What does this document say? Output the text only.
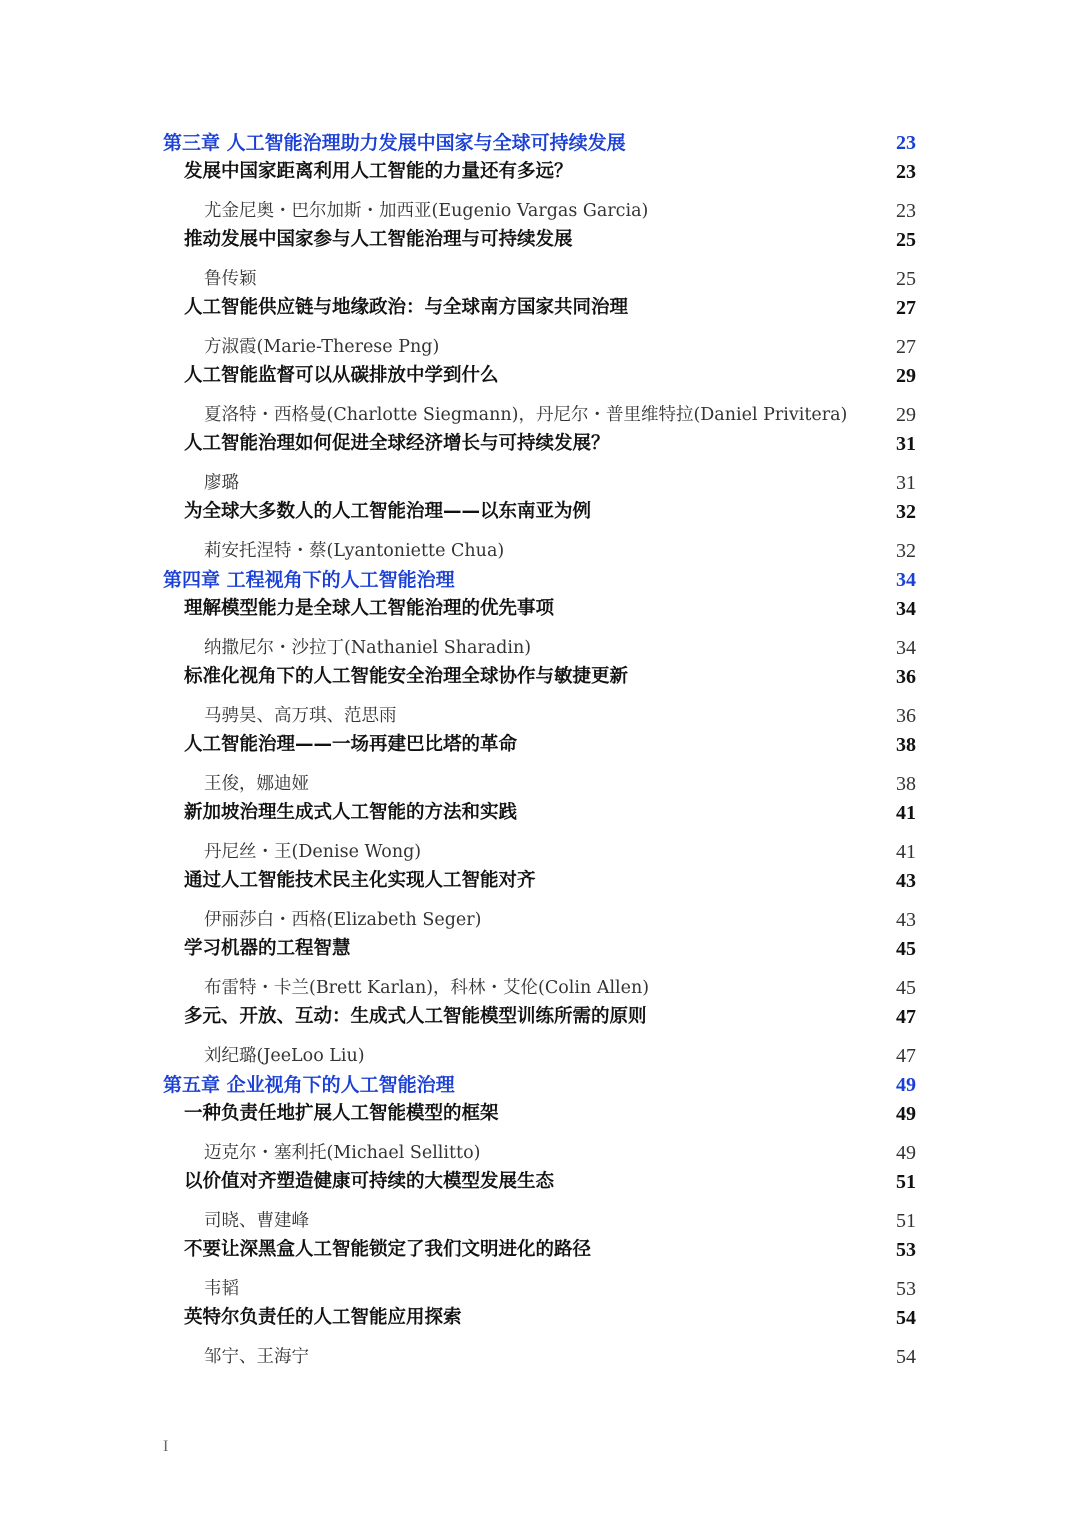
第三章 人工智能治理助力发展中国家与全球可持续发展	23
发展中国家距离利用人工智能的力量还有多远？	23
尤金尼奥・巴尔加斯・加西亚(Eugenio Vargas Garcia)	23
推动发展中国家参与人工智能治理与可持续发展	25
鲁传颖	25
人工智能供应链与地缘政治：与全球南方国家共同治理	27
方淑霞(Marie-Therese Png)	27
人工智能监督可以从碳排放中学到什么	29
夏洛特・西格曼(Charlotte Siegmann)，丹尼尔・普里维特拉(Daniel Privitera) 29
人工智能治理如何促进全球经济增长与可持续发展？	31
廖璐	31
为全球大多数人的人工智能治理——以东南亚为例	32
莉安托涅特・蔡(Lyantoniette Chua)	32
第四章 工程视角下的人工智能治理	34
理解模型能力是全球人工智能治理的优先事项	34
纳撒尼尔・沙拉丁(Nathaniel Sharadin)	34
标准化视角下的人工智能安全治理全球协作与敏捷更新	36
马骋昊、高万琪、范思雨	36
人工智能治理——一场再建巴比塔的革命	38
王俊，娜迪娅	38
新加坡治理生成式人工智能的方法和实践	41
丹尼丝・王(Denise Wong)	41
通过人工智能技术民主化实现人工智能对齐	43
伊丽莎白・西格(Elizabeth Seger)	43
学习机器的工程智慧	45
布雷特・卡兰(Brett Karlan)，科林・艾伦(Colin Allen)	45
多元、开放、互动：生成式人工智能模型训练所需的原则	47
刘纪璐(JeeLoo Liu)	47
第五章 企业视角下的人工智能治理	49
一种负责任地扩展人工智能模型的框架	49
迈克尔・塞利托(Michael Sellitto)	49
以价值对齐塑造健康可持续的大模型发展生态	51
司晓、曹建峰	51
不要让深黑盒人工智能锁定了我们文明进化的路径	53
韦韬	53
英特尔负责任的人工智能应用探索	54
邹宁、王海宁	54
I
